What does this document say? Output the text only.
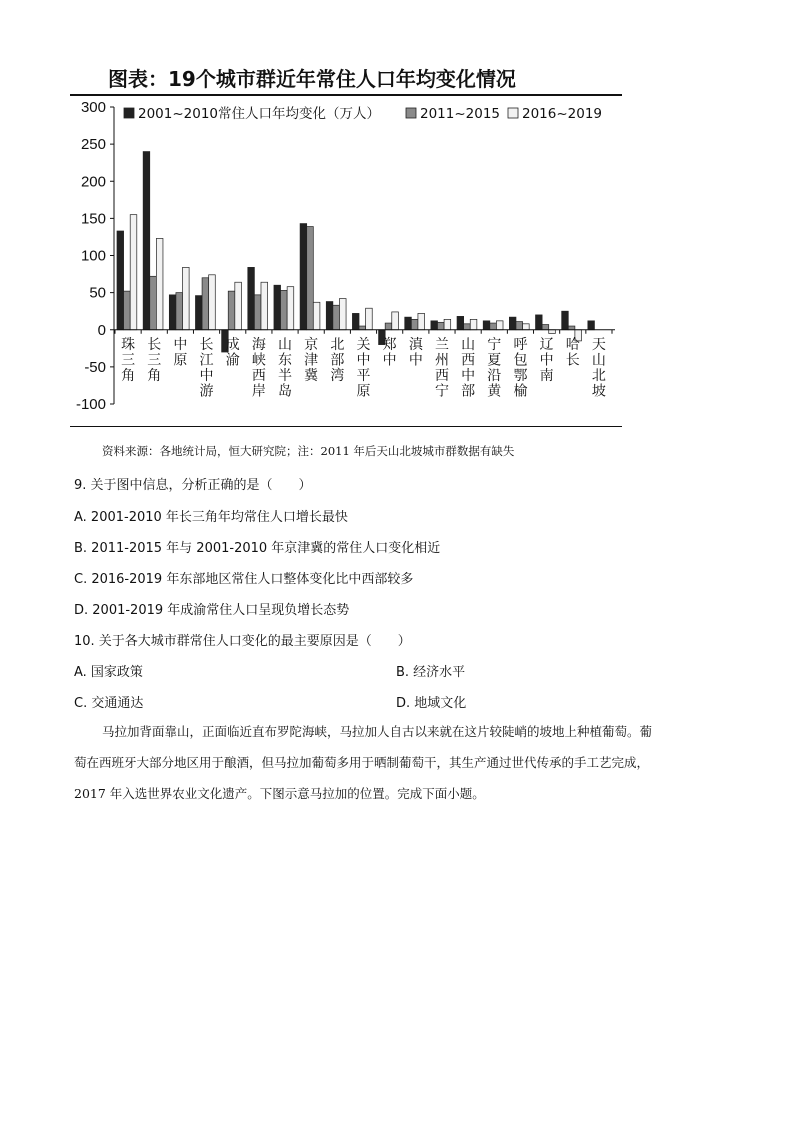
图表：19个城市群近年常住人口年均变化情况
300
250
200
150
100
50
0
-50
-100
珠
三
角
长
三
角
中
原
长
江
中
游
成
渝
海
峡
西
岸
山
东
半
岛
京
津
冀
北
部
湾
关
中
平
原
郑
中
滇
中
兰
州
西
宁
山
西
中
部
宁
夏
沿
黄
呼
包
鄂
榆
辽
中
南
哈
长
天
山
北
坡
2001~2010常住人口年均变化（万人）	2011~2015 2016~2019
资料来源：各地统计局，恒大研究院；注：2011 年后天山北坡城市群数据有缺失
9. 关于图中信息，分析正确的是（　　）
A. 2001-2010 年长三角年均常住人口增长最快
B. 2011-2015 年与 2001-2010 年京津冀的常住人口变化相近
C. 2016-2019 年东部地区常住人口整体变化比中西部较多
D. 2001-2019 年成渝常住人口呈现负增长态势
10. 关于各大城市群常住人口变化的最主要原因是（　　）
A. 国家政策	B. 经济水平
C. 交通通达	D. 地域文化
马拉加背面靠山，正面临近直布罗陀海峡，马拉加人自古以来就在这片较陡峭的坡地上种植葡萄。葡
萄在西班牙大部分地区用于酿酒，但马拉加葡萄多用于晒制葡萄干，其生产通过世代传承的手工艺完成，
2017 年入选世界农业文化遗产。下图示意马拉加的位置。完成下面小题。
